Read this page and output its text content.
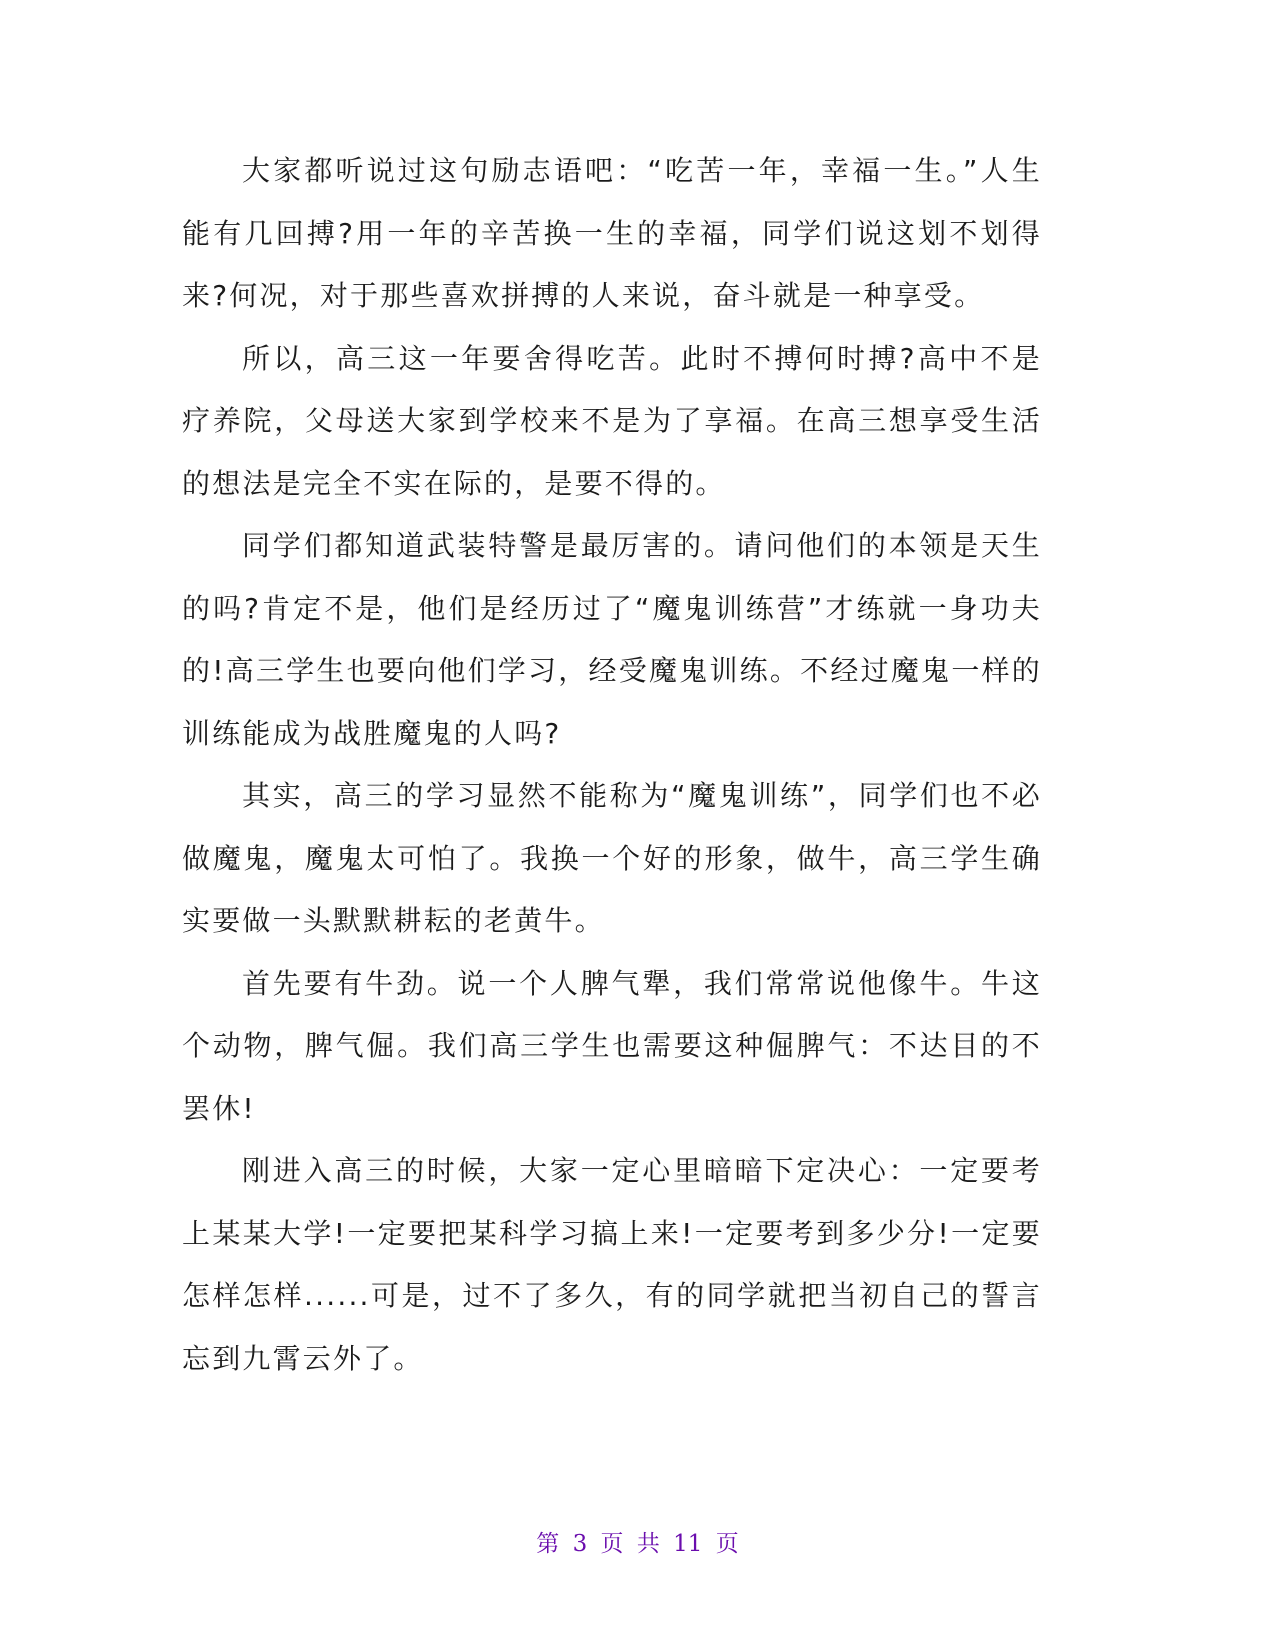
大家都听说过这句励志语吧：“吃苦一年，幸福一生。”人生能有几回搏?用一年的辛苦换一生的幸福，同学们说这划不划得来?何况，对于那些喜欢拼搏的人来说，奋斗就是一种享受。

所以，高三这一年要舍得吃苦。此时不搏何时搏?高中不是疗养院，父母送大家到学校来不是为了享福。在高三想享受生活的想法是完全不实在际的，是要不得的。

同学们都知道武装特警是最厉害的。请问他们的本领是天生的吗?肯定不是，他们是经历过了“魔鬼训练营”才练就一身功夫的!高三学生也要向他们学习，经受魔鬼训练。不经过魔鬼一样的训练能成为战胜魔鬼的人吗?

其实，高三的学习显然不能称为“魔鬼训练”，同学们也不必做魔鬼，魔鬼太可怕了。我换一个好的形象，做牛，高三学生确实要做一头默默耕耘的老黄牛。

首先要有牛劲。说一个人脾气犟，我们常常说他像牛。牛这个动物，脾气倔。我们高三学生也需要这种倔脾气：不达目的不罢休!

刚进入高三的时候，大家一定心里暗暗下定决心：一定要考上某某大学!一定要把某科学习搞上来!一定要考到多少分!一定要怎样怎样......可是，过不了多久，有的同学就把当初自己的誓言忘到九霄云外了。

第 3 页 共 11 页
